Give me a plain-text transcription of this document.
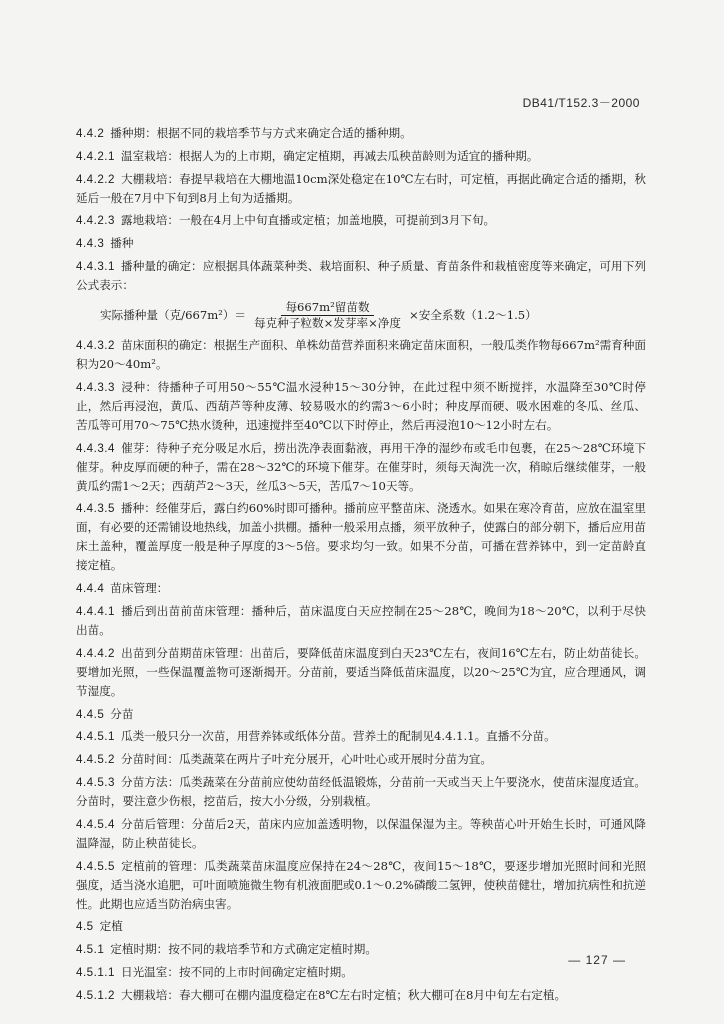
DB41/T152.3－2000

4.4.2 播种期：根据不同的栽培季节与方式来确定合适的播种期。

4.4.2.1 温室栽培：根据人为的上市期，确定定植期，再减去瓜秧苗龄则为适宜的播种期。

4.4.2.2 大棚栽培：春提早栽培在大棚地温10cm深处稳定在10℃左右时，可定植，再据此确定合适的播期，秋延后一般在7月中下旬到8月上旬为适播期。

4.4.2.3 露地栽培：一般在4月上中旬直播或定植；加盖地膜，可提前到3月下旬。

4.4.3 播种

4.4.3.1 播种量的确定：应根据具体蔬菜种类、栽培面积、种子质量、育苗条件和栽植密度等来确定，可用下列公式表示：

实际播种量（克$/667m^2)= \frac{\text{每667m²留苗数}}{\text{每克种子粒数×发芽率×净度}}$ ×安全系数（1.2～1.5）

4.4.3.2 苗床面积的确定：根据生产面积、单株幼苗营养面积来确定苗床面积，一般瓜类作物每667m²需育种面积为20～40m²。

4.4.3.3 浸种：待播种子可用50～55℃温水浸种15～30分钟，在此过程中须不断搅拌，水温降至30℃时停止，然后再浸泡，黄瓜、西葫芦等种皮薄、较易吸水的约需3～6小时；种皮厚而硬、吸水困难的冬瓜、丝瓜、苦瓜等可用70～75℃热水烫种，迅速搅拌至40℃以下时停止，然后再浸泡10～12小时左右。

4.4.3.4 催芽：待种子充分吸足水后，捞出洗净表面黏液，再用干净的湿纱布或毛巾包裹，在25～28℃环境下催芽。种皮厚而硬的种子，需在28～32℃的环境下催芽。在催芽时，须每天淘洗一次，稍晾后继续催芽，一般黄瓜约需1～2天；西葫芦2～3天，丝瓜3～5天，苦瓜7～10天等。

4.4.3.5 播种：经催芽后，露白约60%时即可播种。播前应平整苗床、浇透水。如果在寒冷育苗，应放在温室里面，有必要的还需铺设地热线，加盖小拱棚。播种一般采用点播，须平放种子，使露白的部分朝下，播后应用苗床土盖种，覆盖厚度一般是种子厚度的3～5倍。要求均匀一致。如果不分苗，可播在营养钵中，到一定苗龄直接定植。

4.4.4 苗床管理：

4.4.4.1 播后到出苗前苗床管理：播种后，苗床温度白天应控制在25～28℃，晚间为18～20℃，以利于尽快出苗。

4.4.4.2 出苗到分苗期苗床管理：出苗后，要降低苗床温度到白天23℃左右，夜间16℃左右，防止幼苗徒长。要增加光照，一些保温覆盖物可逐渐揭开。分苗前，要适当降低苗床温度，以20～25℃为宜，应合理通风，调节湿度。

4.4.5 分苗

4.4.5.1 瓜类一般只分一次苗，用营养钵或纸体分苗。营养土的配制见4.4.1.1。直播不分苗。

4.4.5.2 分苗时间：瓜类蔬菜在两片子叶充分展开，心叶吐心或开展时分苗为宜。

4.4.5.3 分苗方法：瓜类蔬菜在分苗前应使幼苗经低温锻炼，分苗前一天或当天上午要浇水，使苗床湿度适宜。分苗时，要注意少伤根，挖苗后，按大小分级，分别栽植。

4.4.5.4 分苗后管理：分苗后2天，苗床内应加盖透明物，以保温保湿为主。等秧苗心叶开始生长时，可通风降温降湿，防止秧苗徒长。

4.4.5.5 定植前的管理：瓜类蔬菜苗床温度应保持在24～28℃，夜间15～18℃，要逐步增加光照时间和光照强度，适当浇水追肥，可叶面喷施微生物有机液面肥或0.1～0.2%磷酸二氢钾，使秧苗健壮，增加抗病性和抗逆性。此期也应适当防治病虫害。

4.5 定植

4.5.1 定植时期：按不同的栽培季节和方式确定定植时期。

4.5.1.1 日光温室：按不同的上市时间确定定植时期。

4.5.1.2 大棚栽培：春大棚可在棚内温度稳定在8℃左右时定植；秋大棚可在8月中旬左右定植。

— 127 —
